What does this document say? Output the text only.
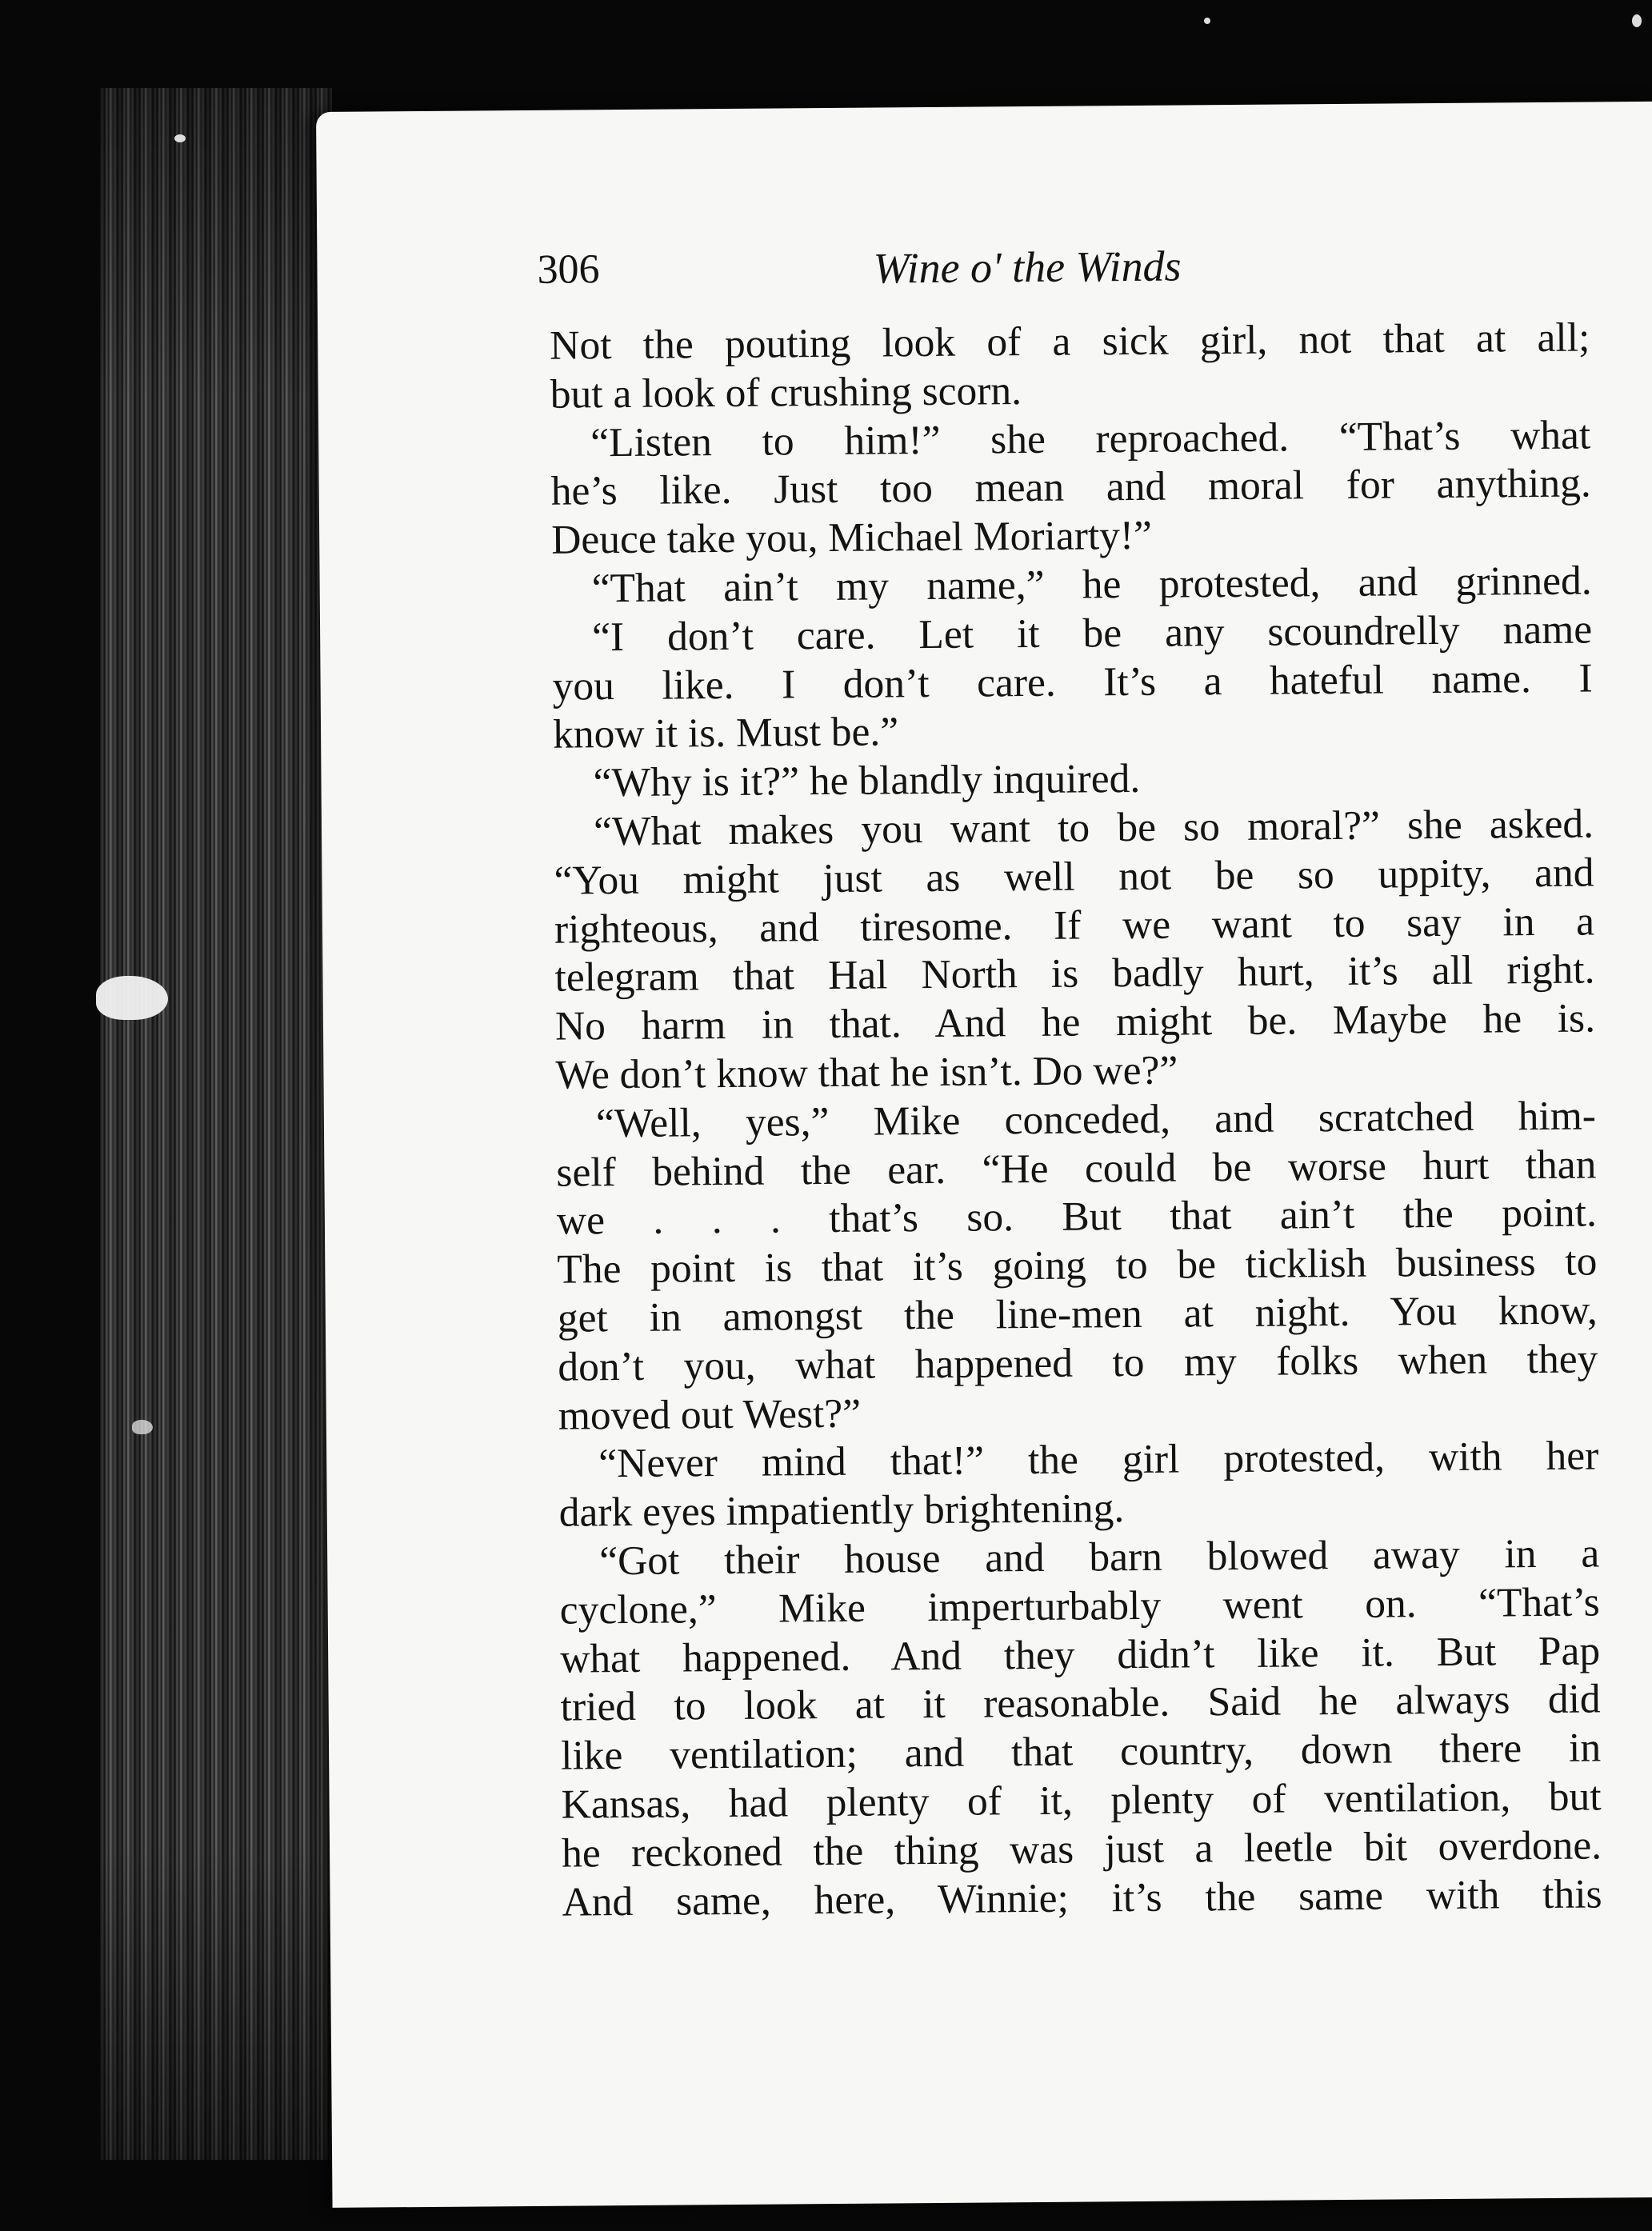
306	Wine o' the Winds
Not the pouting look of a sick girl, not that at all;
but a look of crushing scorn.
“Listen to him!” she reproached. “That’s what
he’s like. Just too mean and moral for anything.
Deuce take you, Michael Moriarty!”
“That ain’t my name,” he protested, and grinned.
“I don’t care. Let it be any scoundrelly name
you like. I don’t care. It’s a hateful name. I
know it is. Must be.”
“Why is it?” he blandly inquired.
“What makes you want to be so moral?” she asked.
“You might just as well not be so uppity, and
righteous, and tiresome. If we want to say in a
telegram that Hal North is badly hurt, it’s all right.
No harm in that. And he might be. Maybe he is.
We don’t know that he isn’t. Do we?”
“Well, yes,” Mike conceded, and scratched him-
self behind the ear. “He could be worse hurt than
we . . . that’s so. But that ain’t the point.
The point is that it’s going to be ticklish business to
get in amongst the line-men at night. You know,
don’t you, what happened to my folks when they
moved out West?”
“Never mind that!” the girl protested, with her
dark eyes impatiently brightening.
“Got their house and barn blowed away in a
cyclone,” Mike imperturbably went on. “That’s
what happened. And they didn’t like it. But Pap
tried to look at it reasonable. Said he always did
like ventilation; and that country, down there in
Kansas, had plenty of it, plenty of ventilation, but
he reckoned the thing was just a leetle bit overdone.
And same, here, Winnie; it’s the same with this
